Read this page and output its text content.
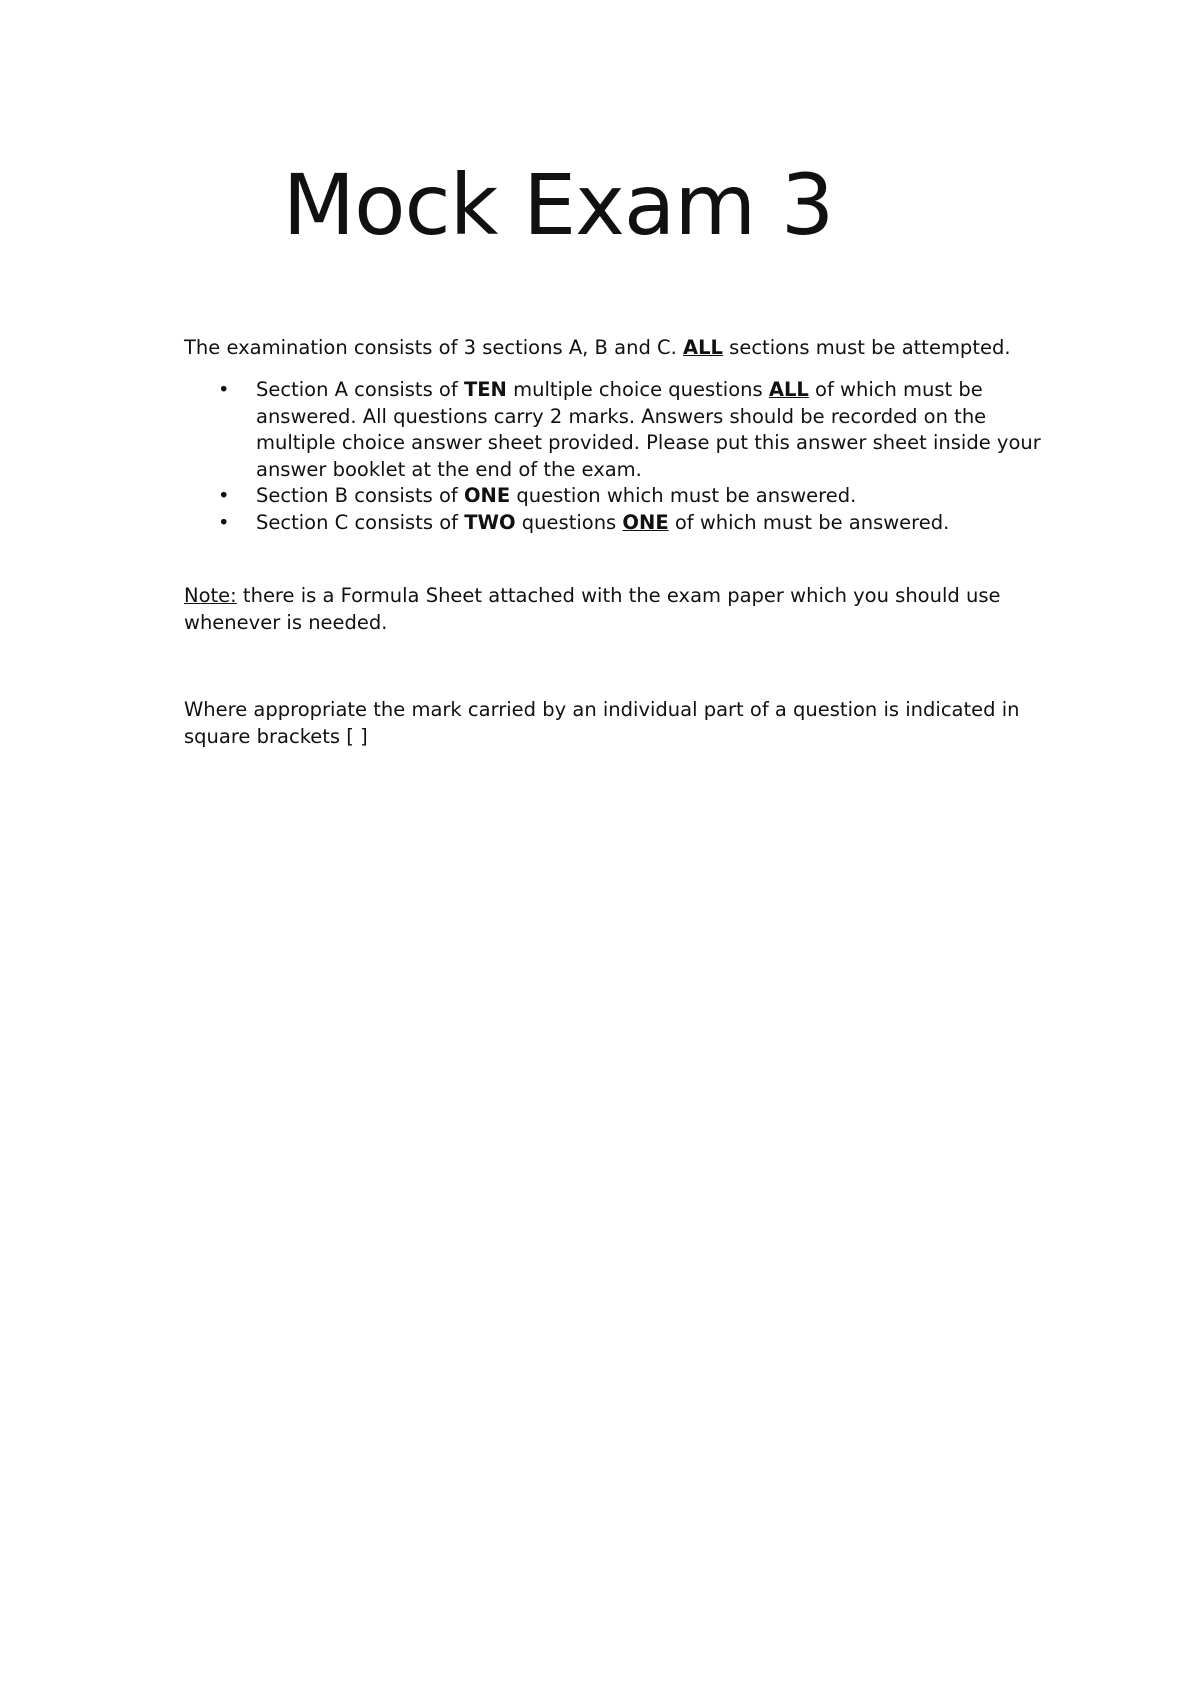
Mock Exam 3

The examination consists of 3 sections A, B and C. ALL sections must be attempted.

• Section A consists of TEN multiple choice questions ALL of which must be answered. All questions carry 2 marks. Answers should be recorded on the multiple choice answer sheet provided. Please put this answer sheet inside your answer booklet at the end of the exam.
• Section B consists of ONE question which must be answered.
• Section C consists of TWO questions ONE of which must be answered.

Note: there is a Formula Sheet attached with the exam paper which you should use whenever is needed.

Where appropriate the mark carried by an individual part of a question is indicated in square brackets [ ]
